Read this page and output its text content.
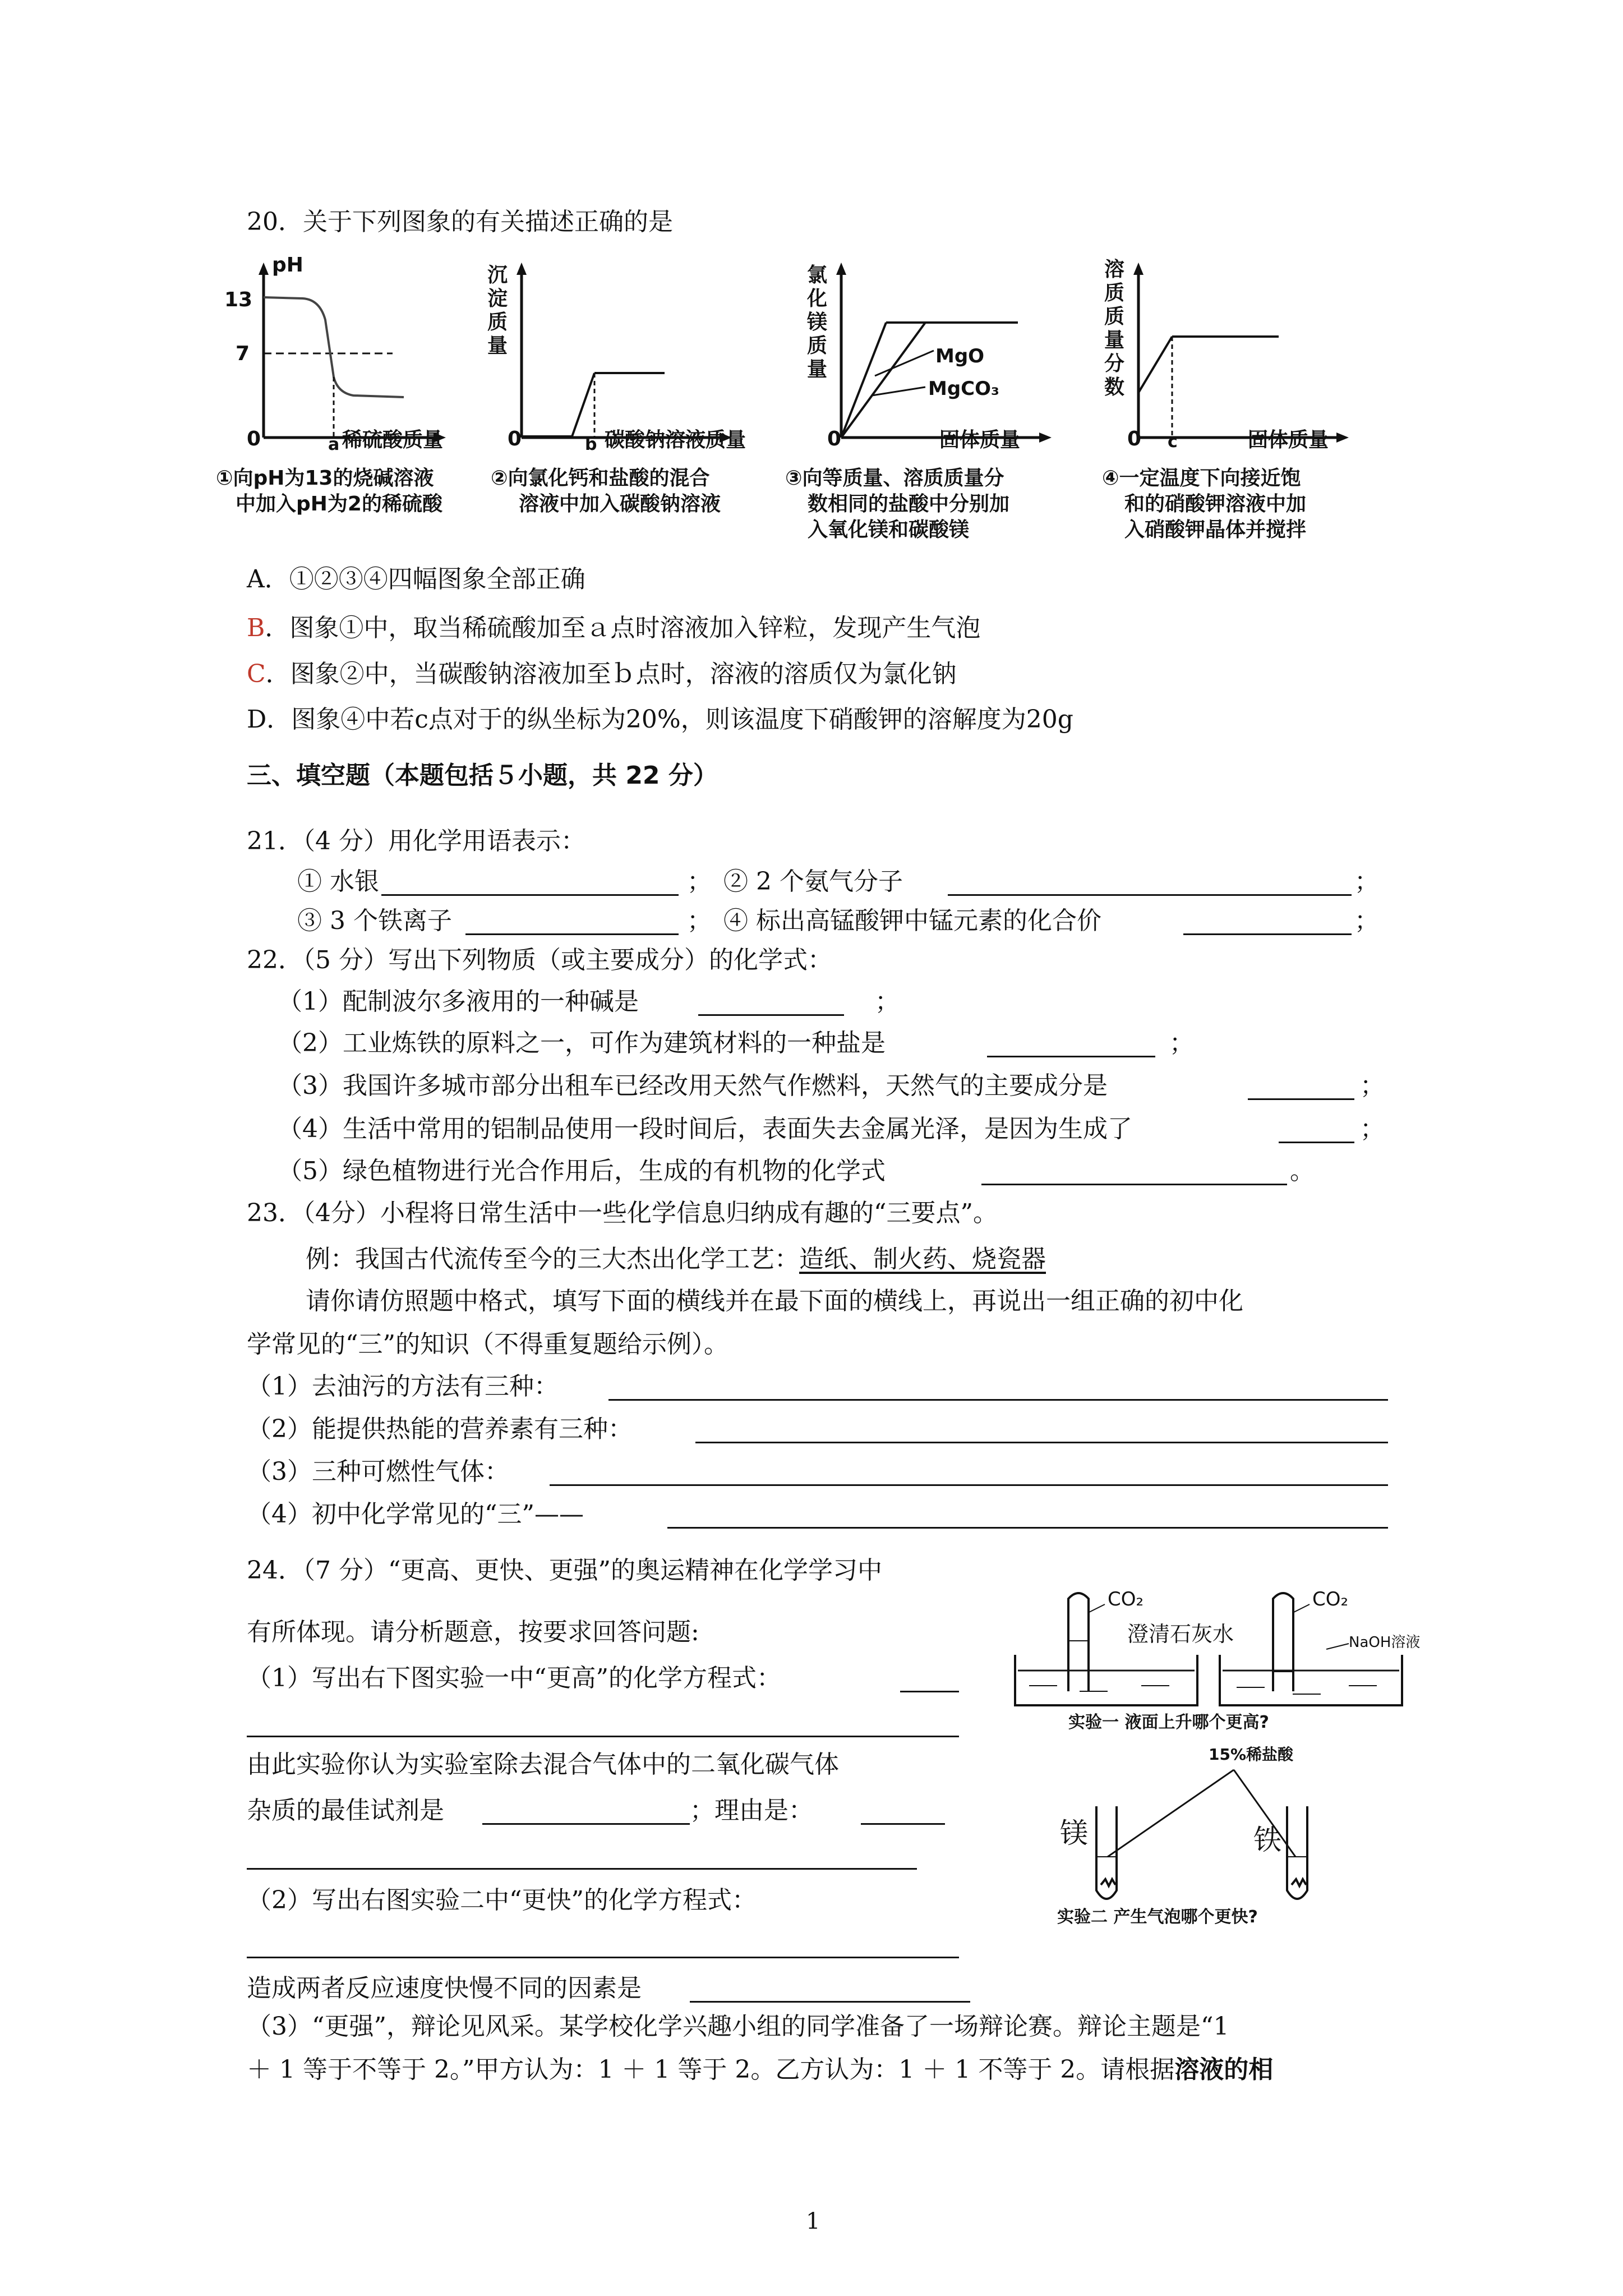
20．关于下列图象的有关描述正确的是
pH
13
7
0	a 稀硫酸质量
①向pH为13的烧碱溶液
中加入pH为2的稀硫酸
沉
淀
质
量
0	b 碳酸钠溶液质量
②向氯化钙和盐酸的混合
溶液中加入碳酸钠溶液
氯
化
镁
质
量
MgO
MgCO₃
0	固体质量
③向等质量、溶质质量分
数相同的盐酸中分别加
入氧化镁和碳酸镁
溶
质
质
量
分
数
0 c	固体质量
④一定温度下向接近饱
和的硝酸钾溶液中加
入硝酸钾晶体并搅拌
A．①②③④四幅图象全部正确
B．图象①中，取当稀硫酸加至ａ点时溶液加入锌粒，发现产生气泡
C．图象②中，当碳酸钠溶液加至ｂ点时，溶液的溶质仅为氯化钠
D．图象④中若c点对于的纵坐标为20%，则该温度下硝酸钾的溶解度为20g
三、填空题（本题包括５小题，共 22 分）
21．（4 分）用化学用语表示：
① 水银	； ② 2 个氨气分子	；
③ 3 个铁离子	； ④ 标出高锰酸钾中锰元素的化合价	；
22．（5 分）写出下列物质（或主要成分）的化学式：
（1）配制波尔多液用的一种碱是	；
（2）工业炼铁的原料之一，可作为建筑材料的一种盐是	；
（3）我国许多城市部分出租车已经改用天然气作燃料，天然气的主要成分是	；
（4）生活中常用的铝制品使用一段时间后，表面失去金属光泽，是因为生成了	；
（5）绿色植物进行光合作用后，生成的有机物的化学式	。
23．（4分）小程将日常生活中一些化学信息归纳成有趣的“三要点”。
例：我国古代流传至今的三大杰出化学工艺：造纸、制火药、烧瓷器
请你请仿照题中格式，填写下面的横线并在最下面的横线上，再说出一组正确的初中化
学常见的“三”的知识（不得重复题给示例）。
（1）去油污的方法有三种：
（2）能提供热能的营养素有三种：
（3）三种可燃性气体：
（4）初中化学常见的“三”——
24．（7 分）“更高、更快、更强”的奥运精神在化学学习中
有所体现。请分析题意，按要求回答问题:
（1）写出右下图实验一中“更高”的化学方程式：
由此实验你认为实验室除去混合气体中的二氧化碳气体
杂质的最佳试剂是	；理由是：
（2）写出右图实验二中“更快”的化学方程式：
造成两者反应速度快慢不同的因素是
（3）“更强”，辩论见风采。某学校化学兴趣小组的同学准备了一场辩论赛。辩论主题是“1
＋ 1 等于不等于 2。”甲方认为：1 ＋ 1 等于 2。乙方认为：1 ＋ 1 不等于 2。请根据溶液的相
CO₂	CO₂
澄清石灰水	NaOH溶液
实验一 液面上升哪个更高?
15%稀盐酸
镁	铁
实验二 产生气泡哪个更快?
1
